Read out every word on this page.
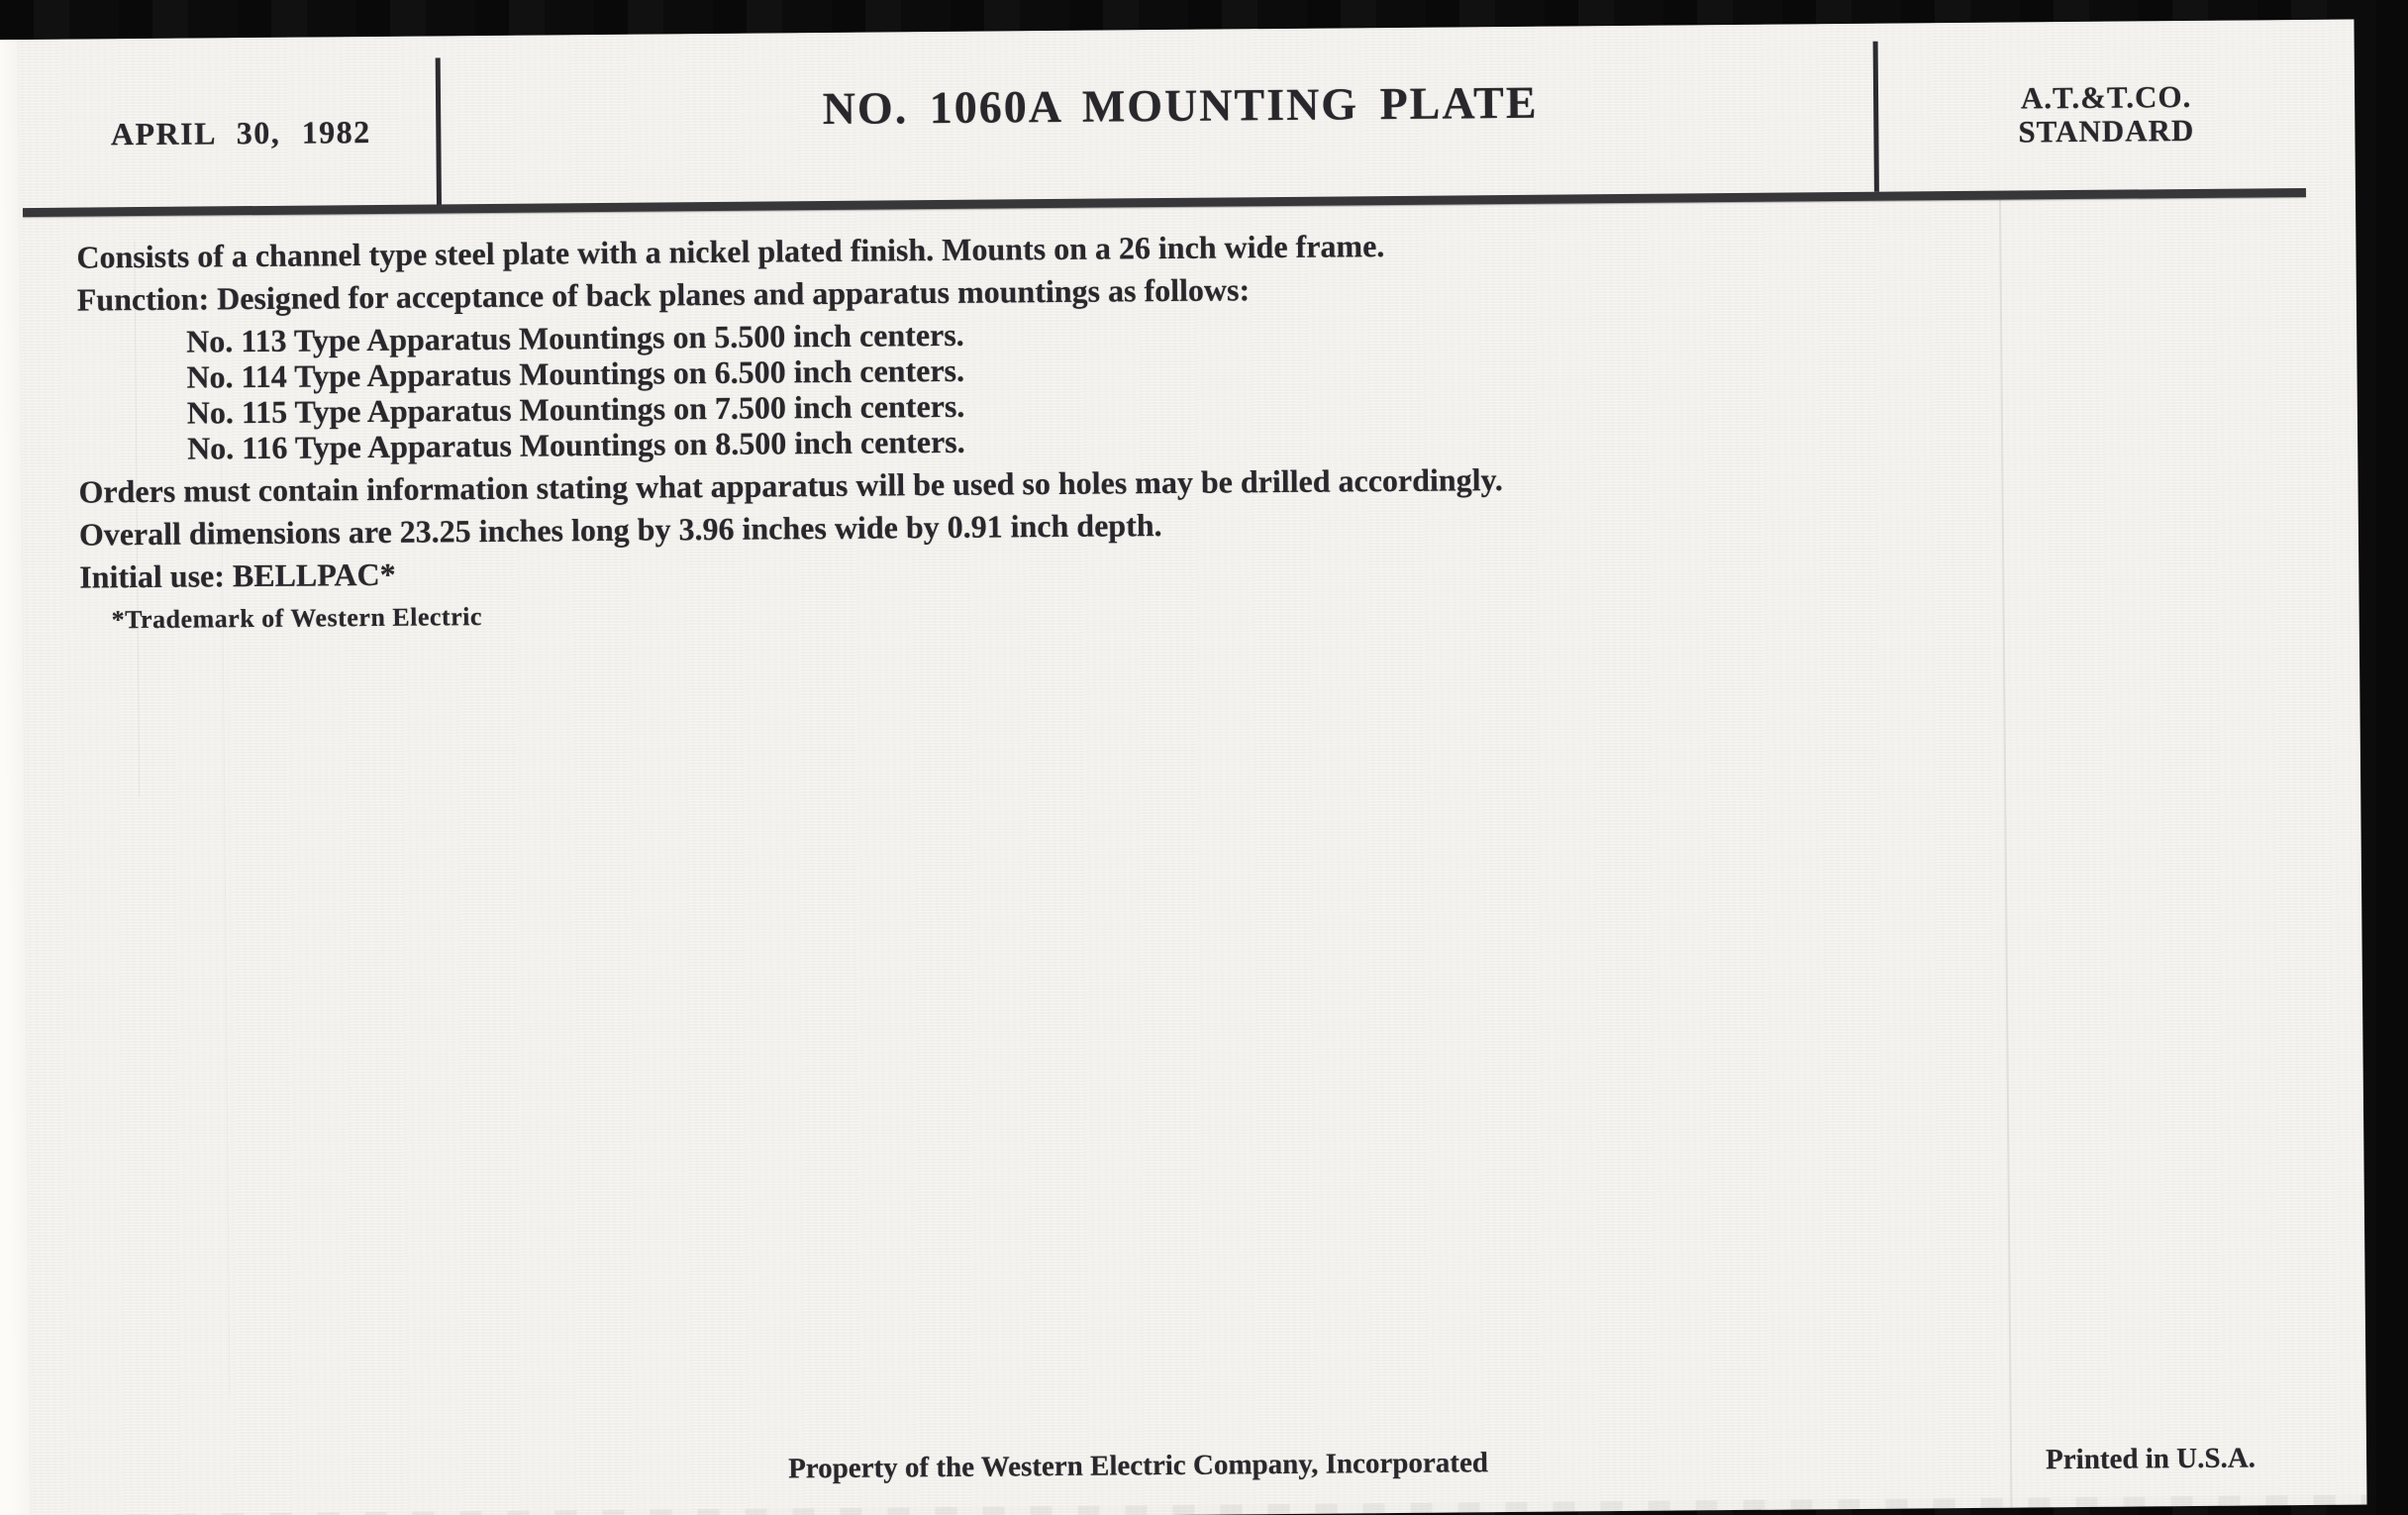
APRIL 30, 1982	NO. 1060A MOUNTING PLATE	A.T.&T.CO.
STANDARD

Consists of a channel type steel plate with a nickel plated finish. Mounts on a 26 inch wide frame.

Function: Designed for acceptance of back planes and apparatus mountings as follows:

No. 113 Type Apparatus Mountings on 5.500 inch centers.

No. 114 Type Apparatus Mountings on 6.500 inch centers.

No. 115 Type Apparatus Mountings on 7.500 inch centers.

No. 116 Type Apparatus Mountings on 8.500 inch centers.

Orders must contain information stating what apparatus will be used so holes may be drilled accordingly.

Overall dimensions are 23.25 inches long by 3.96 inches wide by 0.91 inch depth.

Initial use: BELLPAC*

*Trademark of Western Electric

Property of the Western Electric Company, Incorporated	Printed in U.S.A.
